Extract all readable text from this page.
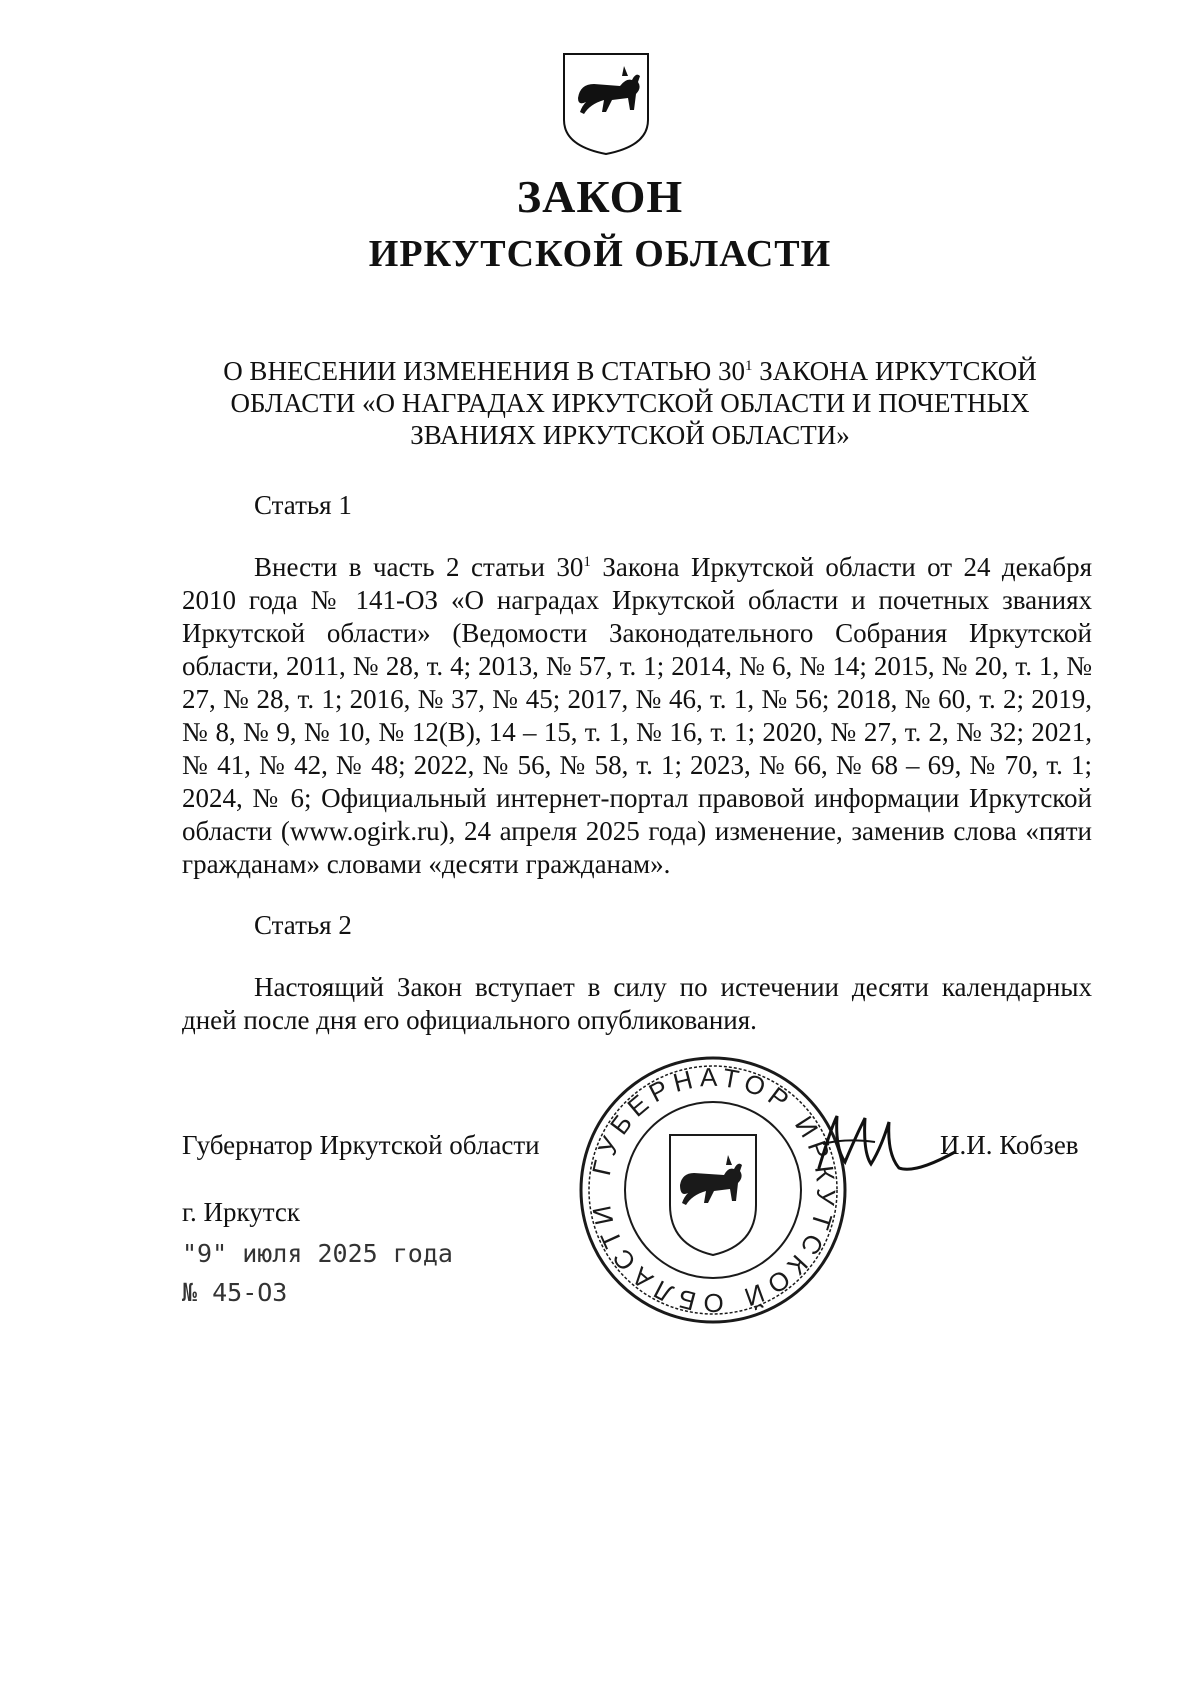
ЗАКОН
ИРКУТСКОЙ ОБЛАСТИ
О ВНЕСЕНИИ ИЗМЕНЕНИЯ В СТАТЬЮ $30^1$ ЗАКОНА ИРКУТСКОЙ
ОБЛАСТИ «О НАГРАДАХ ИРКУТСКОЙ ОБЛАСТИ И ПОЧЕТНЫХ
ЗВАНИЯХ ИРКУТСКОЙ ОБЛАСТИ»
Статья 1
Внести в часть 2 статьи $30^1$ Закона Иркутской области от 24 декабря 2010 года № 141-ОЗ «О наградах Иркутской области и почетных званиях Иркутской области» (Ведомости Законодательного Собрания Иркутской области, 2011, № 28, т. 4; 2013, № 57, т. 1; 2014, № 6, № 14; 2015, № 20, т. 1, № 27, № 28, т. 1; 2016, № 37, № 45; 2017, № 46, т. 1, № 56; 2018, № 60, т. 2; 2019, № 8, № 9, № 10, № 12(В), 14 – 15, т. 1, № 16, т. 1; 2020, № 27, т. 2, № 32; 2021, № 41, № 42, № 48; 2022, № 56, № 58, т. 1; 2023, № 66, № 68 – 69, № 70, т. 1; 2024, № 6; Официальный интернет-портал правовой информации Иркутской области (www.ogirk.ru), 24 апреля 2025 года) изменение, заменив слова «пяти гражданам» словами «десяти гражданам».
Статья 2
Настоящий Закон вступает в силу по истечении десяти календарных дней после дня его официального опубликования.
Губернатор Иркутской области
ГУБЕРНАТОР ИРКУТСКОЙ ОБЛАСТИ
И.И. Кобзев
г. Иркутск
"9" июля 2025 года
№ 45-ОЗ
